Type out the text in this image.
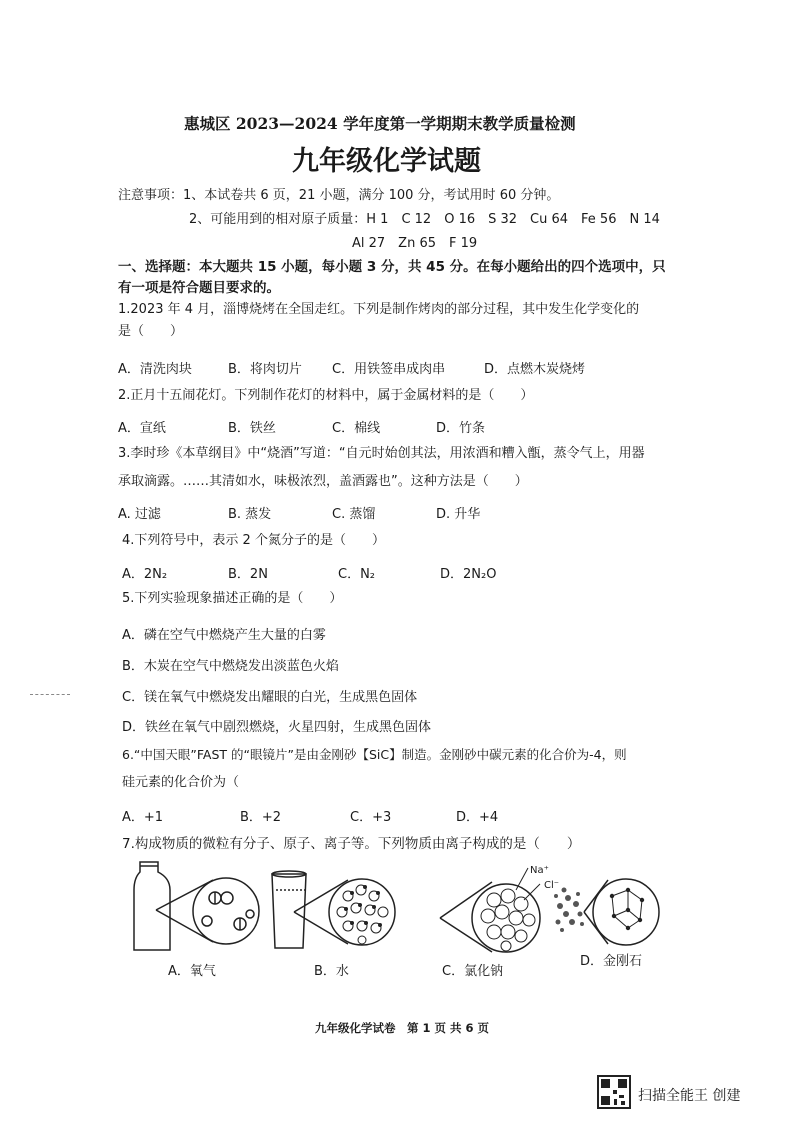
惠城区 2023—2024 学年度第一学期期末教学质量检测
九年级化学试题
注意事项：1、本试卷共 6 页，21 小题，满分 100 分，考试用时 60 分钟。
2、可能用到的相对原子质量：H 1　C 12　O 16　S 32　Cu 64　Fe 56　N 14
Al 27　Zn 65　F 19
一、选择题：本大题共 15 小题，每小题 3 分，共 45 分。在每小题给出的四个选项中，只
有一项是符合题目要求的。
1.2023 年 4 月，淄博烧烤在全国走红。下列是制作烤肉的部分过程，其中发生化学变化的
是（　　）
A．清洗肉块	B．将肉切片 C．用铁签串成肉串	D．点燃木炭烧烤
2.正月十五闹花灯。下列制作花灯的材料中，属于金属材料的是（　　）
A．宣纸	B．铁丝	C．棉线	D．竹条
3.李时珍《本草纲目》中“烧酒”写道：“自元时始创其法，用浓酒和糟入甑，蒸令气上，用器
承取滴露。……其清如水，味极浓烈，盖酒露也”。这种方法是（　　）
A. 过滤	B. 蒸发	C. 蒸馏	D. 升华
4.下列符号中，表示 2 个氮分子的是（　　）
A．2N₂	B．2N	C．N₂	D．2N₂O
5.下列实验现象描述正确的是（　　）
A．磷在空气中燃烧产生大量的白雾
B．木炭在空气中燃烧发出淡蓝色火焰
C．镁在氧气中燃烧发出耀眼的白光，生成黑色固体
D．铁丝在氧气中剧烈燃烧，火星四射，生成黑色固体
6.“中国天眼”FAST 的“眼镜片”是由金刚砂【SiC】制造。金刚砂中碳元素的化合价为-4，则
硅元素的化合价为（
A．+1	B．+2	C．+3	D．+4
7.构成物质的微粒有分子、原子、离子等。下列物质由离子构成的是（　　）
Na⁺
Cl⁻
A．氧气	B．水	C．氯化钠
D．金刚石
九年级化学试卷　第 1 页 共 6 页
扫描全能王 创建
